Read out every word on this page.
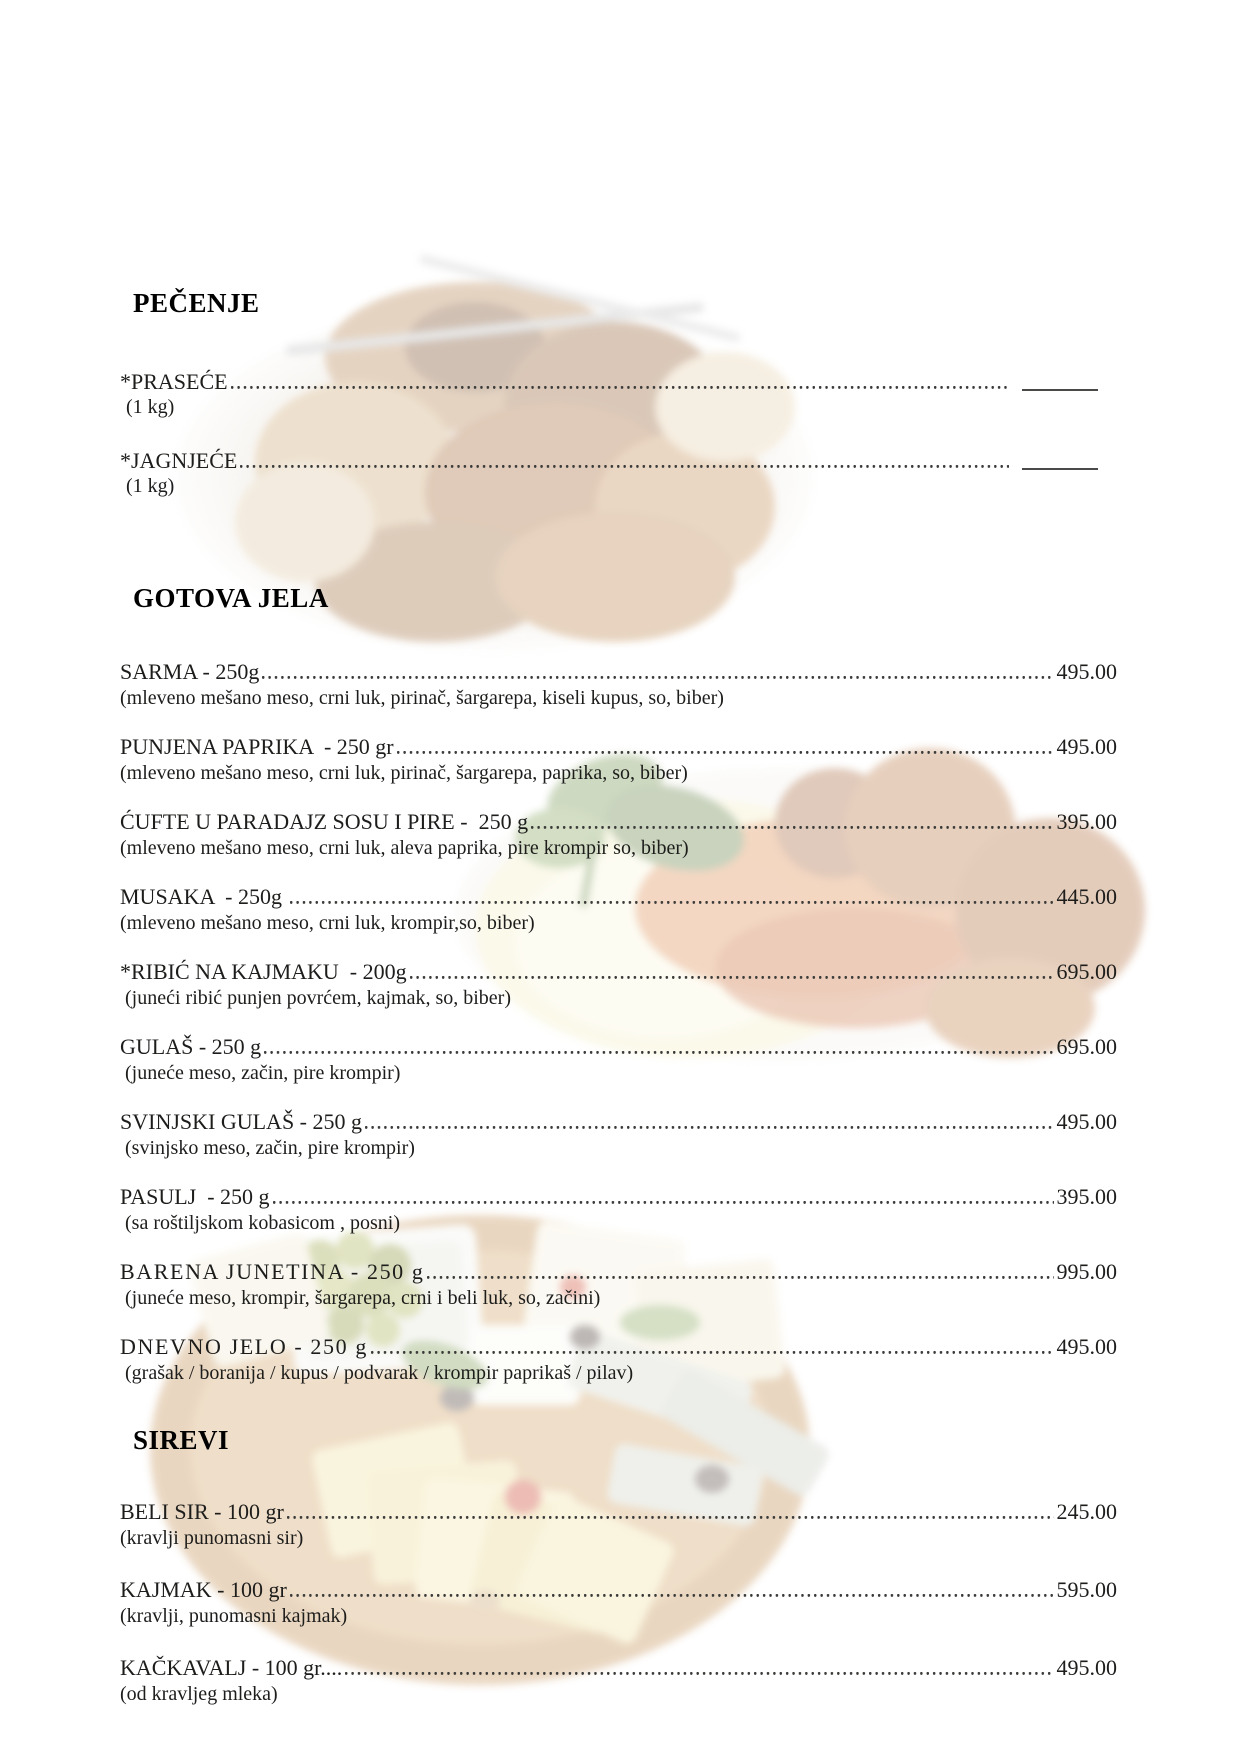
PEČENJE
*PRASEĆE
(1 kg)
*JAGNJEĆE
(1 kg)
GOTOVA JELA
SARMA - 250g	495.00
(mleveno mešano meso, crni luk, pirinač, šargarepa, kiseli kupus, so, biber)
PUNJENA PAPRIKA  - 250 gr	495.00
(mleveno mešano meso, crni luk, pirinač, šargarepa, paprika, so, biber)
ĆUFTE U PARADAJZ SOSU I PIRE -  250 g	395.00
(mleveno mešano meso, crni luk, aleva paprika, pire krompir so, biber)
MUSAKA  - 250g	445.00
(mleveno mešano meso, crni luk, krompir,so, biber)
*RIBIĆ NA KAJMAKU  - 200g	695.00
(juneći ribić punjen povrćem, kajmak, so, biber)
GULAŠ - 250 g	695.00
(juneće meso, začin, pire krompir)
SVINJSKI GULAŠ - 250 g	495.00
(svinjsko meso, začin, pire krompir)
PASULJ  - 250 g	395.00
(sa roštiljskom kobasicom , posni)
BARENA JUNETINA - 250 g	995.00
(juneće meso, krompir, šargarepa, crni i beli luk, so, začini)
DNEVNO JELO - 250 g	495.00
(grašak / boranija / kupus / podvarak / krompir paprikaš / pilav)
SIREVI
BELI SIR - 100 gr	245.00
(kravlji punomasni sir)
KAJMAK - 100 gr	595.00
(kravlji, punomasni kajmak)
KAČKAVALJ - 100 gr....	495.00
(od kravljeg mleka)
